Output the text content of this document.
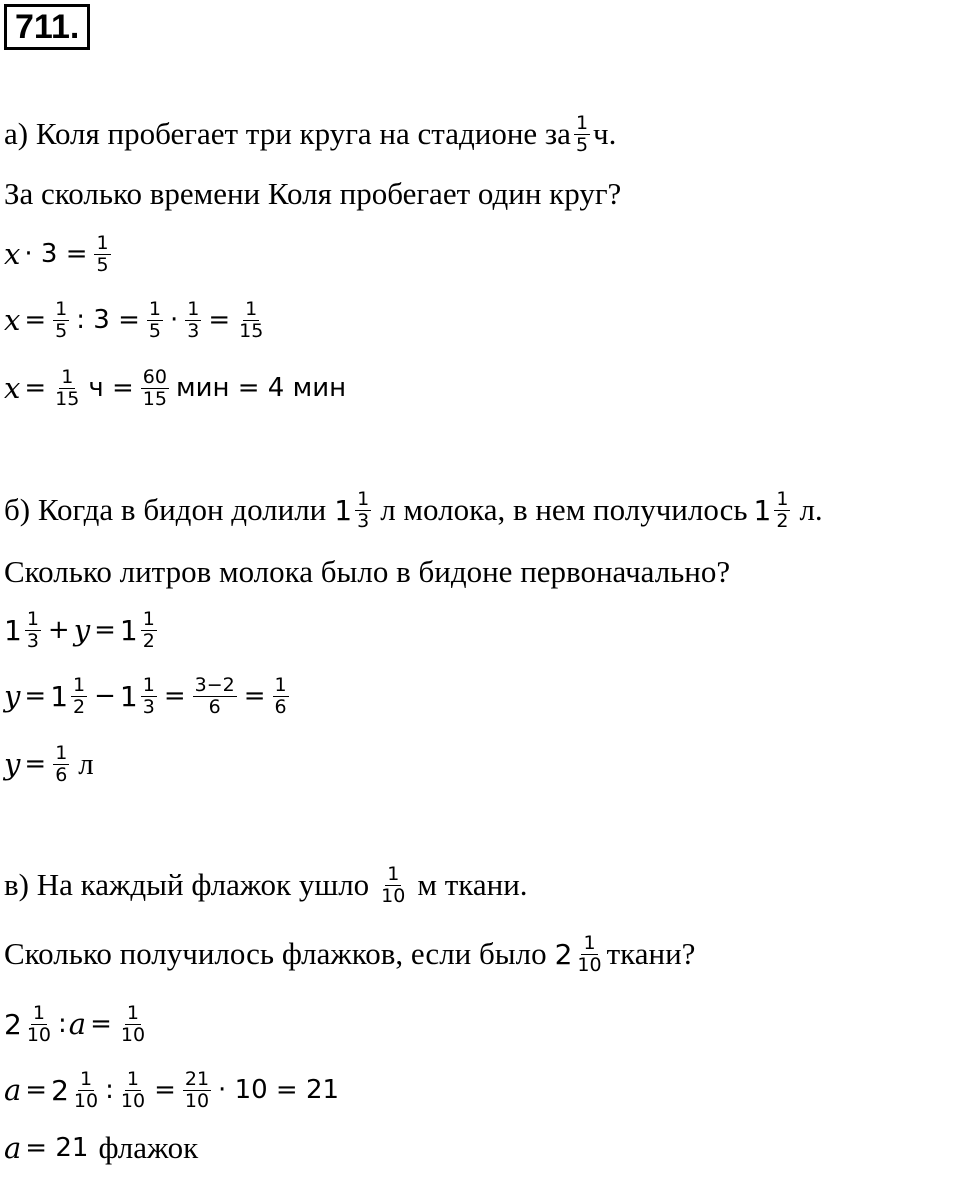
711.
а) Коля пробегает три круга на стадионе за $\frac{1}{5} ч$.
За сколько времени Коля пробегает один круг?
$x \cdot 3 = \frac{1}{5}$
$x = \frac{1}{5}$ : $3 = \frac{1}{5} \cdot \frac{1}{3} = \frac{1}{15}$
$x = \frac{1}{15}$ $ч = \frac{60}{15}$ мин = 4 мин
б) Когда в бидон долили $1 \frac{1}{3}$ л молока, в нем получилось $1 \frac{1}{2} л$.
Сколько литров молока было в бидоне первоначально?
$1 \frac{1}{3} + y = 1 \frac{1}{2}$
$y = 1 \frac{1}{2} - 1 \frac{1}{3} = \frac{3-2}{6} = \frac{1}{6}$
$y = \frac{1}{6}$ л
в) На каждый флажок ушло $\frac{1}{10}$ м ткани.
Сколько получилось флажков, если было $2 \frac{1}{10}$ ткани?
$2 \frac{1}{10}$ : $a = \frac{1}{10}$
$a = 2 \frac{1}{10}$ : $\frac{1}{10} = \frac{21}{10} \cdot 10 = 21$
a = 21 флажок
